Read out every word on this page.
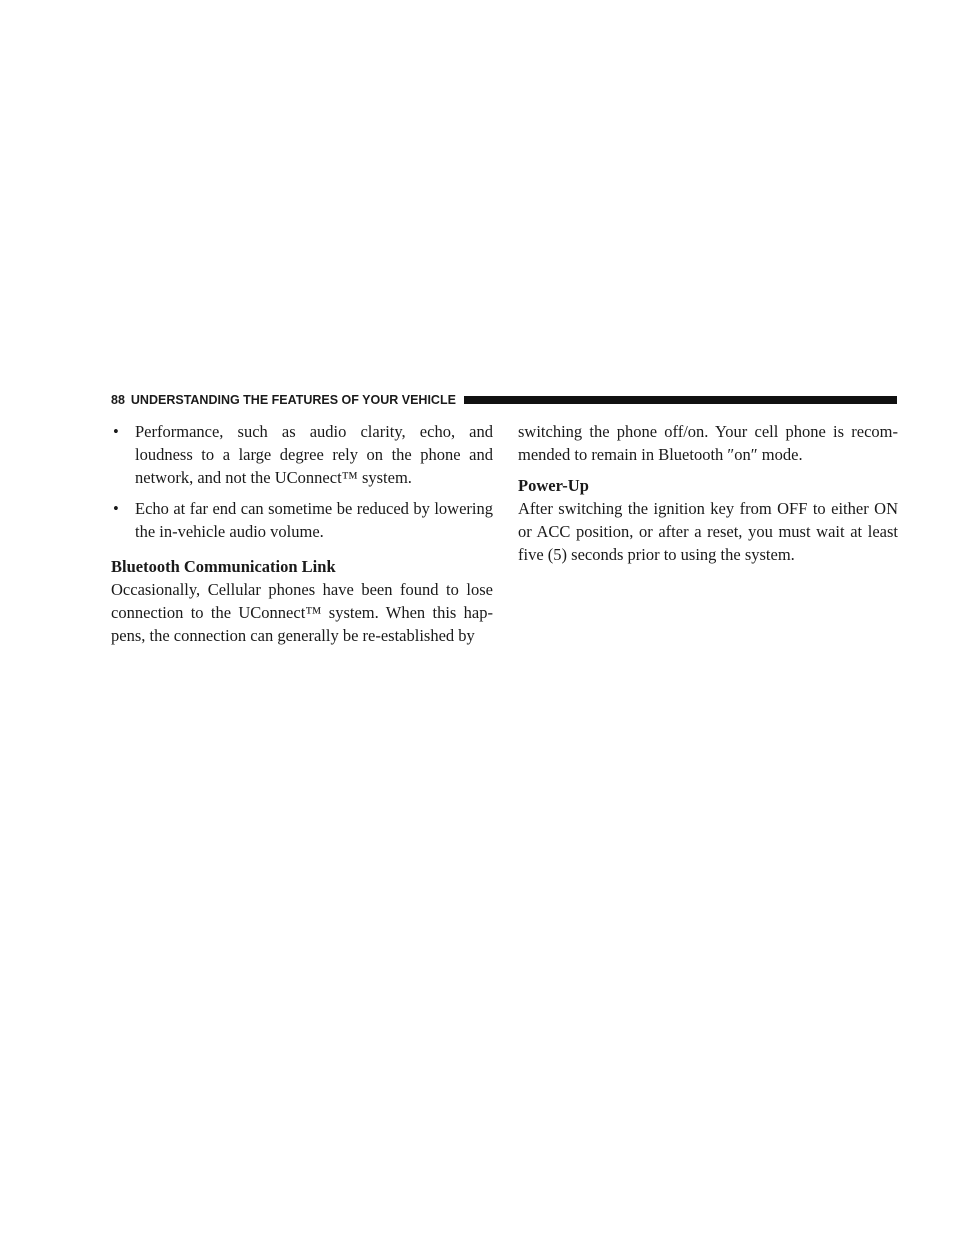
88 UNDERSTANDING THE FEATURES OF YOUR VEHICLE
• Performance, such as audio clarity, echo, and loudness to a large degree rely on the phone and network, and not the UConnect™ system.
• Echo at far end can sometime be reduced by lowering the in-vehicle audio volume.
Bluetooth Communication Link

Occasionally, Cellular phones have been found to lose connection to the UConnect™ system. When this hap- pens, the connection can generally be re-established by

switching the phone off/on. Your cell phone is recom- mended to remain in Bluetooth ″on″ mode.

Power-Up

After switching the ignition key from OFF to either ON or ACC position, or after a reset, you must wait at least five (5) seconds prior to using the system.
